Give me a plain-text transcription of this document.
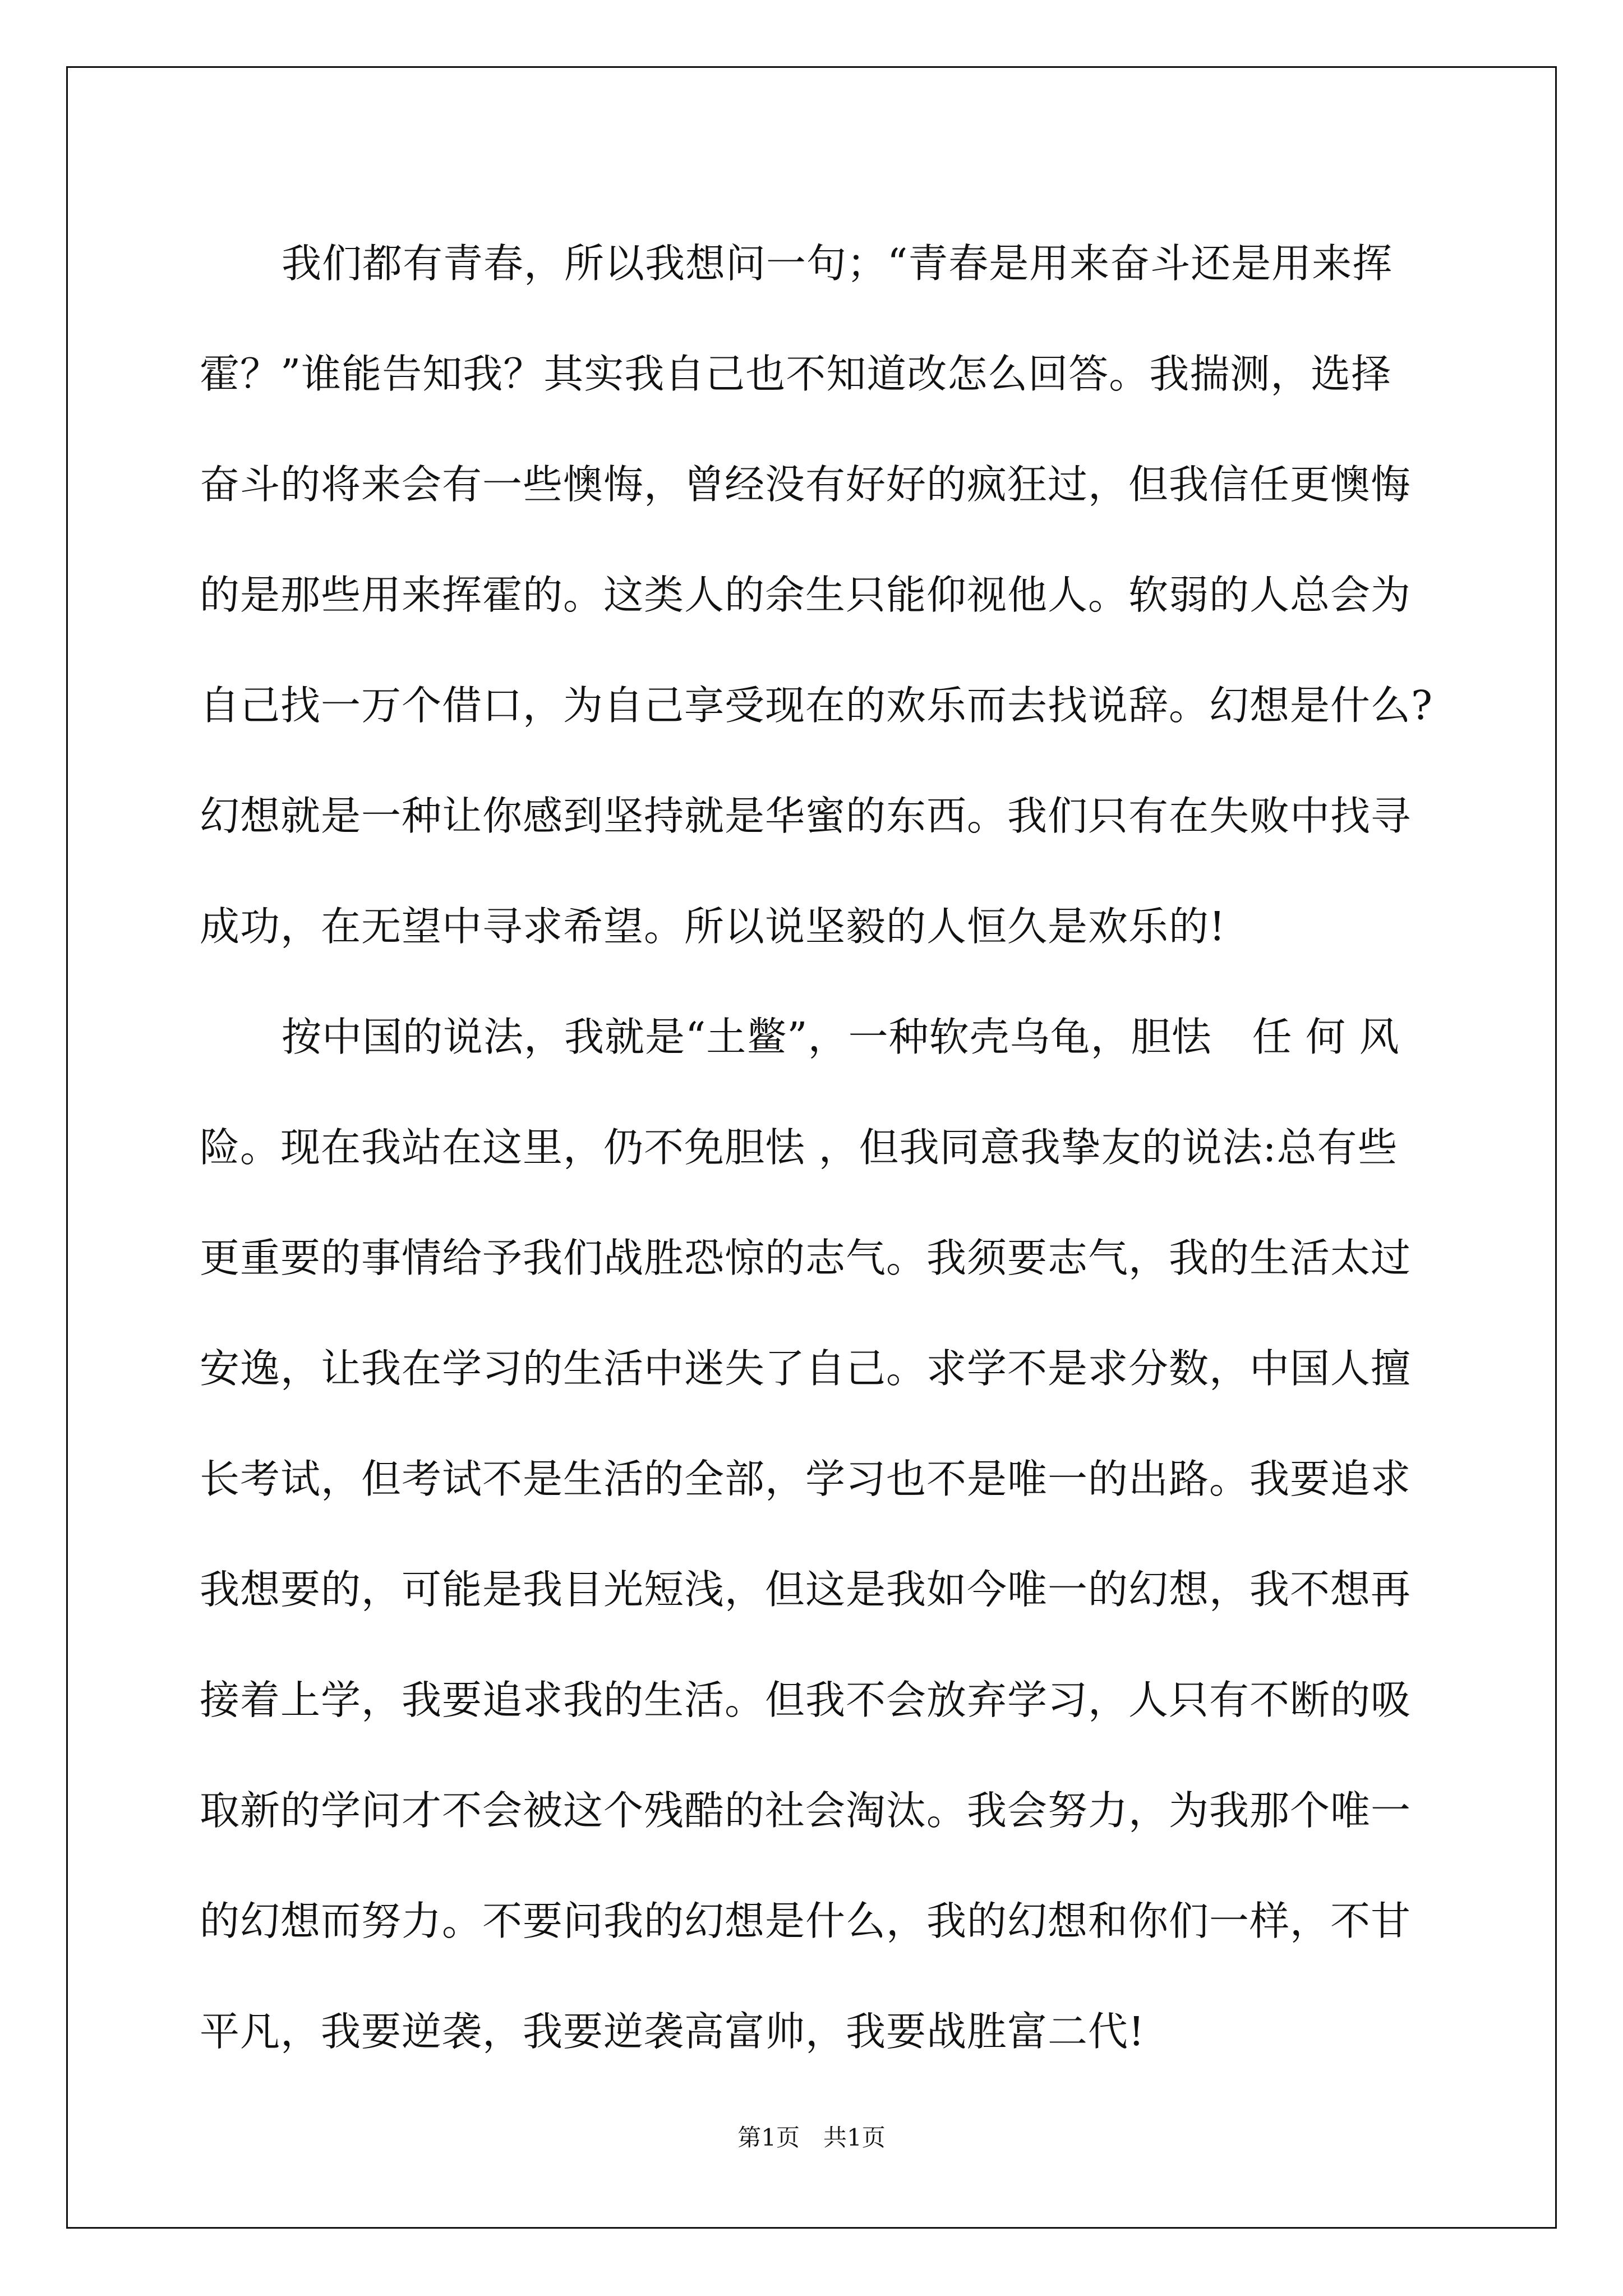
我们都有青春，所以我想问一句；“青春是用来奋斗还是用来挥
霍？”谁能告知我？其实我自己也不知道改怎么回答。我揣测，选择
奋斗的将来会有一些懊悔，曾经没有好好的疯狂过，但我信任更懊悔
的是那些用来挥霍的。这类人的余生只能仰视他人。软弱的人总会为
自己找一万个借口，为自己享受现在的欢乐而去找说辞。幻想是什么?
幻想就是一种让你感到坚持就是华蜜的东西。我们只有在失败中找寻
成功，在无望中寻求希望。所以说坚毅的人恒久是欢乐的!
按中国的说法，我就是“土鳖”，一种软壳乌龟，胆怯　任 何 风
险。现在我站在这里，仍不免胆怯 ，但我同意我挚友的说法:总有些
更重要的事情给予我们战胜恐惊的志气。我须要志气，我的生活太过
安逸，让我在学习的生活中迷失了自己。求学不是求分数，中国人擅
长考试，但考试不是生活的全部，学习也不是唯一的出路。我要追求
我想要的，可能是我目光短浅，但这是我如今唯一的幻想，我不想再
接着上学，我要追求我的生活。但我不会放弃学习，人只有不断的吸
取新的学问才不会被这个残酷的社会淘汰。我会努力，为我那个唯一
的幻想而努力。不要问我的幻想是什么，我的幻想和你们一样，不甘
平凡，我要逆袭，我要逆袭高富帅，我要战胜富二代!
第1页　共1页
